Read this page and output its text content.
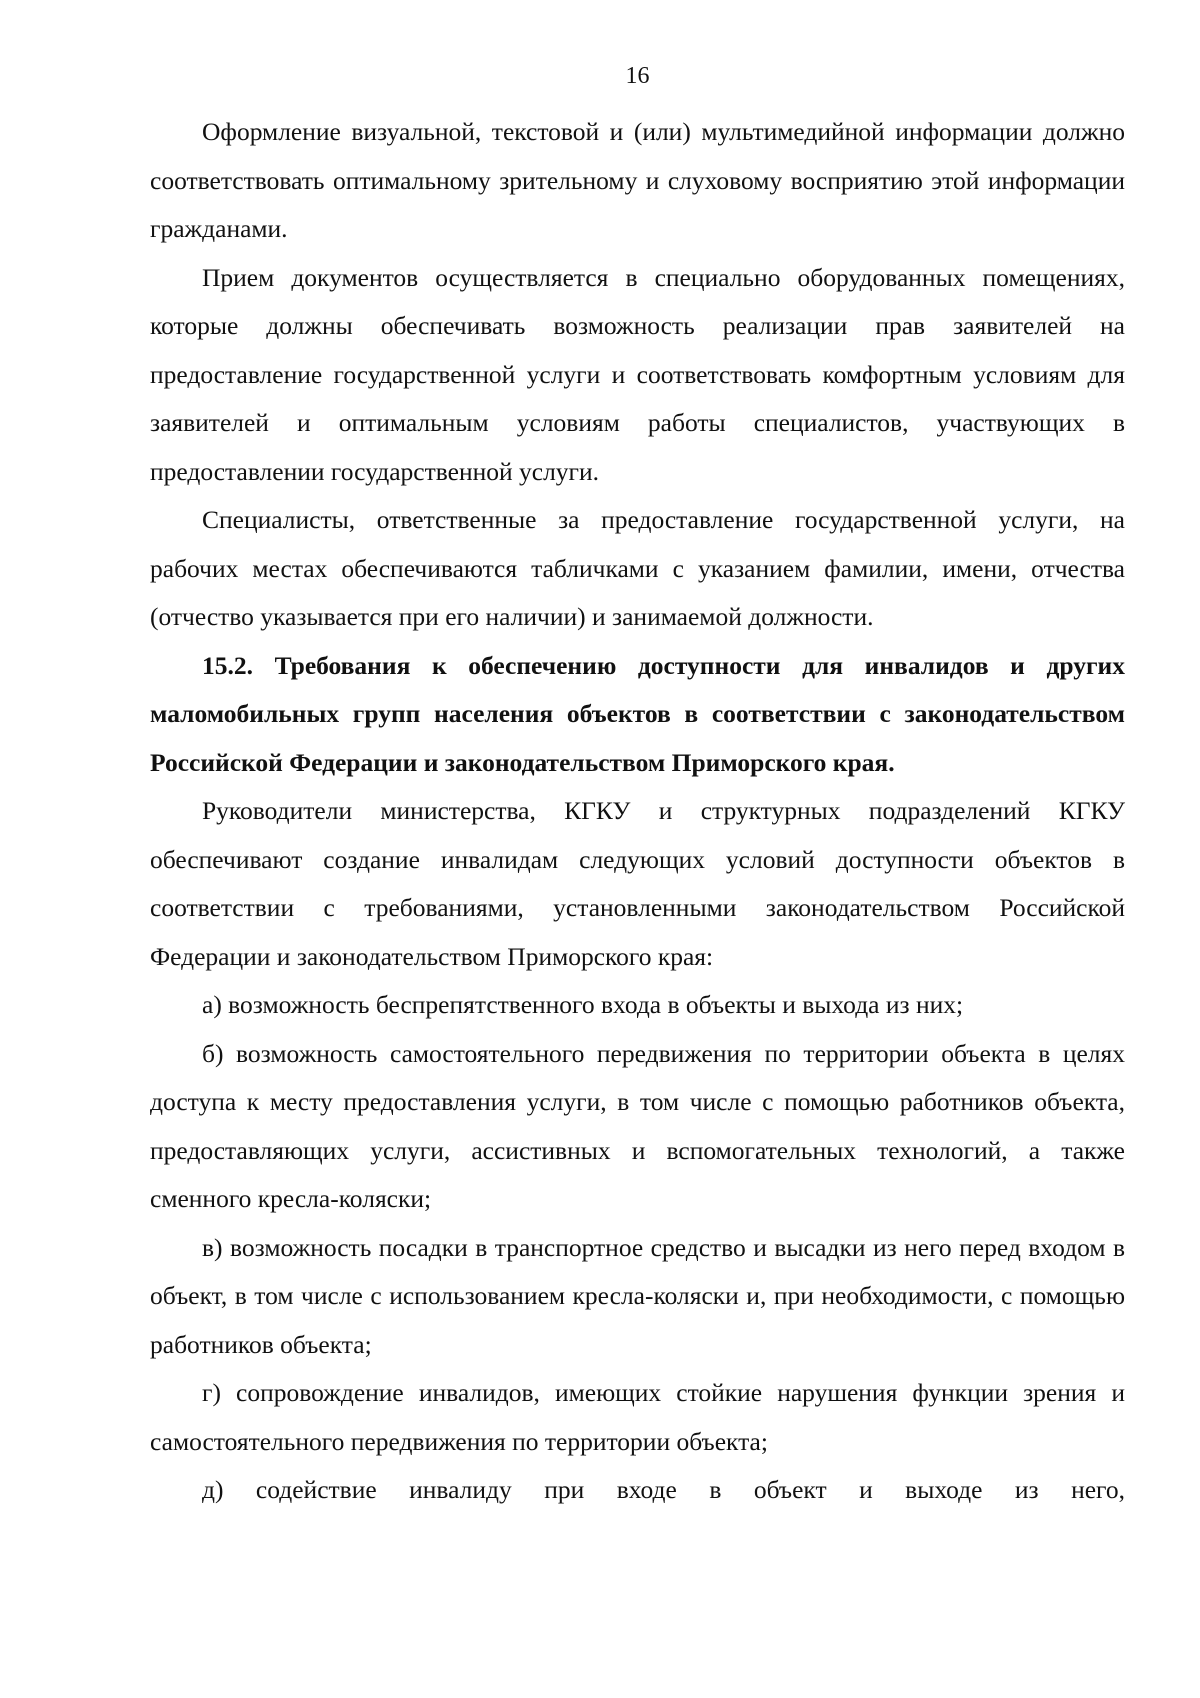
16

Оформление визуальной, текстовой и (или) мультимедийной информации должно соответствовать оптимальному зрительному и слуховому восприятию этой информации гражданами.

Прием документов осуществляется в специально оборудованных помещениях, которые должны обеспечивать возможность реализации прав заявителей на предоставление государственной услуги и соответствовать комфортным условиям для заявителей и оптимальным условиям работы специалистов, участвующих в предоставлении государственной услуги.

Специалисты, ответственные за предоставление государственной услуги, на рабочих местах обеспечиваются табличками с указанием фамилии, имени, отчества (отчество указывается при его наличии) и занимаемой должности.

15.2. Требования к обеспечению доступности для инвалидов и других маломобильных групп населения объектов в соответствии с законодательством Российской Федерации и законодательством Приморского края.

Руководители министерства, КГКУ и структурных подразделений КГКУ обеспечивают создание инвалидам следующих условий доступности объектов в соответствии с требованиями, установленными законодательством Российской Федерации и законодательством Приморского края:

а) возможность беспрепятственного входа в объекты и выхода из них;

б) возможность самостоятельного передвижения по территории объекта в целях доступа к месту предоставления услуги, в том числе с помощью работников объекта, предоставляющих услуги, ассистивных и вспомогательных технологий, а также сменного кресла-коляски;

в) возможность посадки в транспортное средство и высадки из него перед входом в объект, в том числе с использованием кресла-коляски и, при необходимости, с помощью работников объекта;

г) сопровождение инвалидов, имеющих стойкие нарушения функции зрения и самостоятельного передвижения по территории объекта;

д) содействие инвалиду при входе в объект и выходе из него,
